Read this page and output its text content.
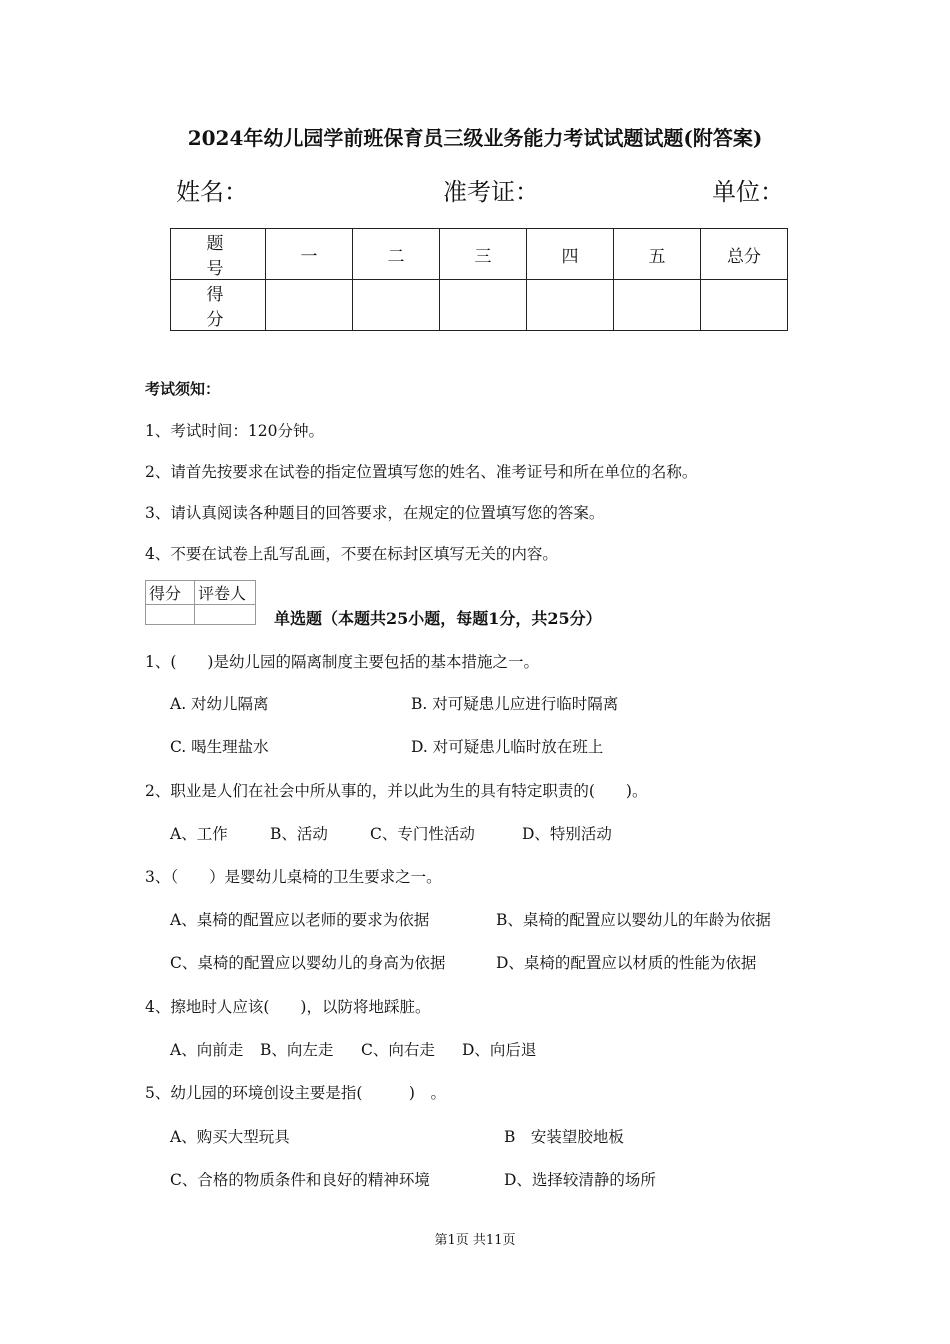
2024年幼儿园学前班保育员三级业务能力考试试题试题(附答案)
姓名：	准考证：	单位：
题　号	一	二	三	四	五	总分
得　分						
考试须知：
1、考试时间：120分钟。
2、请首先按要求在试卷的指定位置填写您的姓名、准考证号和所在单位的名称。
3、请认真阅读各种题目的回答要求，在规定的位置填写您的答案。
4、不要在试卷上乱写乱画，不要在标封区填写无关的内容。
得分	评卷人

单选题（本题共25小题，每题1分，共25分）
1、(　　)是幼儿园的隔离制度主要包括的基本措施之一。
A. 对幼儿隔离	B. 对可疑患儿应进行临时隔离
C. 喝生理盐水	D. 对可疑患儿临时放在班上
2、职业是人们在社会中所从事的，并以此为生的具有特定职责的(　　)。
A、工作	B、活动	C、专门性活动	D、特别活动
3、（　　）是婴幼儿桌椅的卫生要求之一。
A、桌椅的配置应以老师的要求为依据	B、桌椅的配置应以婴幼儿的年龄为依据
C、桌椅的配置应以婴幼儿的身高为依据	D、桌椅的配置应以材质的性能为依据
4、擦地时人应该(　　)，以防将地踩脏。
A、向前走 B、向左走 C、向右走 D、向后退
5、幼儿园的环境创设主要是指(　　　)　。
A、购买大型玩具	B　安装望胶地板
C、合格的物质条件和良好的精神环境	D、选择较清静的场所
第1页 共11页
